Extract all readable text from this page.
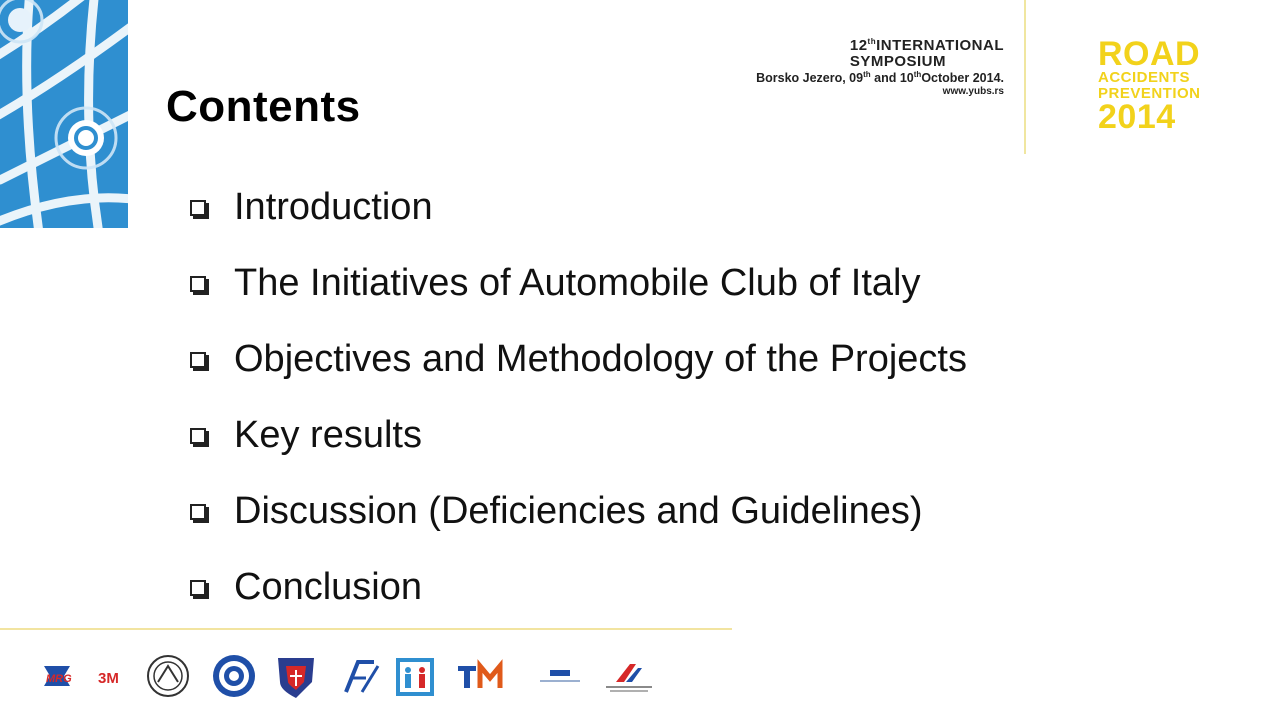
Contents
12thINTERNATIONAL
SYMPOSIUM
Borsko Jezero, 09th and 10thOctober 2014.
www.yubs.rs
ROAD
ACCIDENTS
PREVENTION
2014
Introduction
The Initiatives of Automobile Club of Italy
Objectives and Methodology of the Projects
Key results
Discussion (Deficiencies and Guidelines)
Conclusion
MRG 3M
T-M
